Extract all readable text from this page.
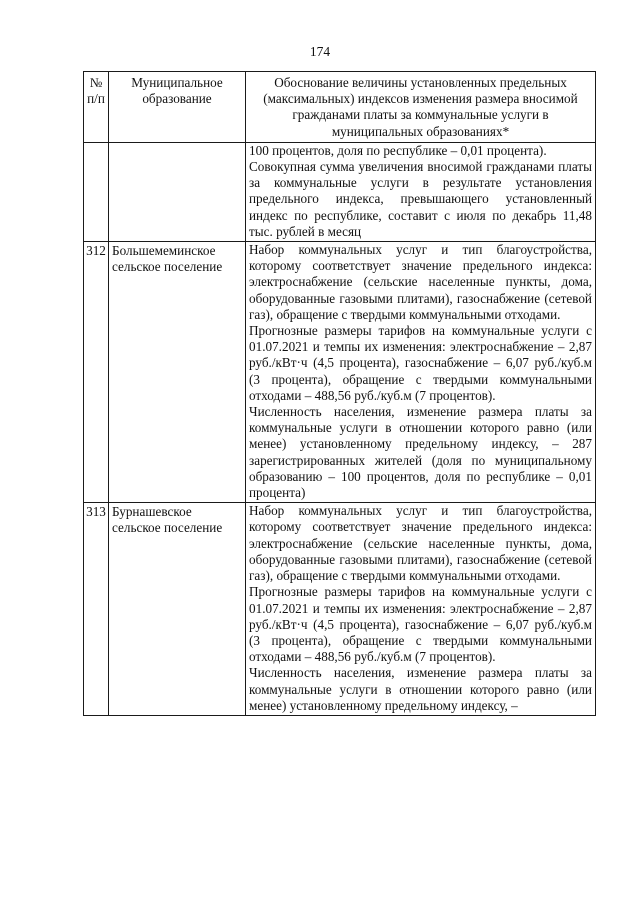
174
№ п/п	Муниципальное образование	Обоснование величины установленных предельных (максимальных) индексов изменения размера вносимой гражданами платы за коммунальные услуги в муниципальных образованиях*

		100 процентов, доля по республике – 0,01 процента).

Совокупная сумма увеличения вносимой гражданами платы за коммунальные услуги в результате установления предельного индекса, превышающего установленный индекс по республике, составит с июля по декабрь 11,48 тыс. рублей в месяц

312	Большемеминское сельское поселение	Набор коммунальных услуг и тип благоустройства, которому соответствует значение предельного индекса: электроснабжение (сельские населенные пункты, дома, оборудованные газовыми плитами), газоснабжение (сетевой газ), обращение с твердыми коммунальными отходами.

Прогнозные размеры тарифов на коммунальные услуги с 01.07.2021 и темпы их изменения: электроснабжение – 2,87 руб./кВт·ч (4,5 процента), газоснабжение – 6,07 руб./куб.м (3 процента), обращение с твердыми коммунальными отходами – 488,56 руб./куб.м (7 процентов).

Численность населения, изменение размера платы за коммунальные услуги в отношении которого равно (или менее) установленному предельному индексу, – 287 зарегистрированных жителей (доля по муниципальному образованию – 100 процентов, доля по республике – 0,01 процента)

313	Бурнашевское сельское поселение	Набор коммунальных услуг и тип благоустройства, которому соответствует значение предельного индекса: электроснабжение (сельские населенные пункты, дома, оборудованные газовыми плитами), газоснабжение (сетевой газ), обращение с твердыми коммунальными отходами.

Прогнозные размеры тарифов на коммунальные услуги с 01.07.2021 и темпы их изменения: электроснабжение – 2,87 руб./кВт·ч (4,5 процента), газоснабжение – 6,07 руб./куб.м (3 процента), обращение с твердыми коммунальными отходами – 488,56 руб./куб.м (7 процентов).

Численность населения, изменение размера платы за коммунальные услуги в отношении которого равно (или менее) установленному предельному индексу, –
